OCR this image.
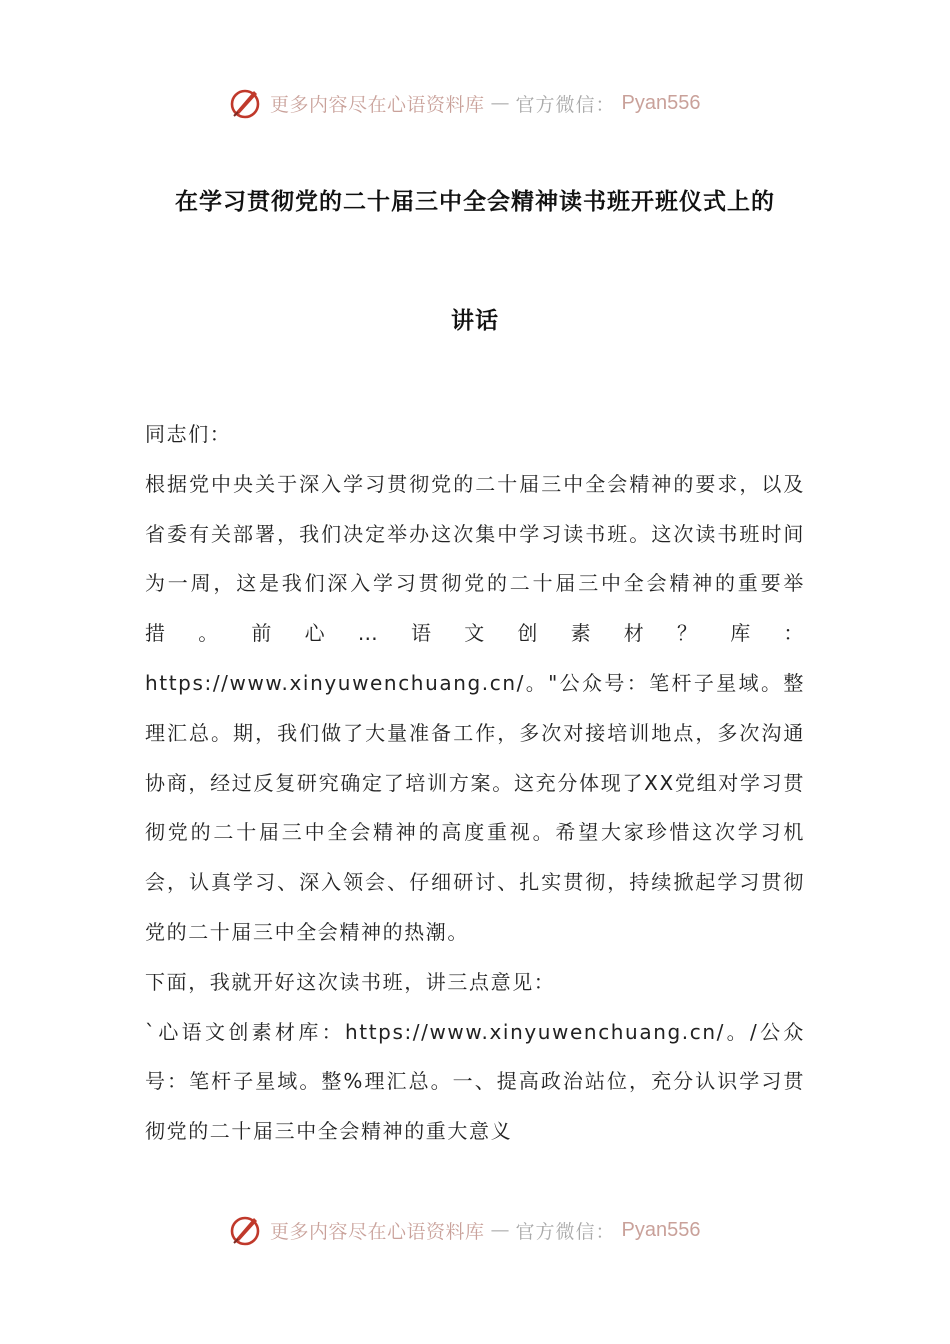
更多内容尽在心语资料库 — 官方微信： Pyan556
在学习贯彻党的二十届三中全会精神读书班开班仪式上的
讲话

同志们：

根据党中央关于深入学习贯彻党的二十届三中全会精神的要求，以及省委有关部署，我们决定举办这次集中学习读书班。这次读书班时间为一周，这是我们深入学习贯彻党的二十届三中全会精神的重要举措。前心…语文创素材？库：https://www.xinyuwenchuang.cn/。"公众号：笔杆子星域。整理汇总。期，我们做了大量准备工作，多次对接培训地点，多次沟通协商，经过反复研究确定了培训方案。这充分体现了XX党组对学习贯彻党的二十届三中全会精神的高度重视。希望大家珍惜这次学习机会，认真学习、深入领会、仔细研讨、扎实贯彻，持续掀起学习贯彻党的二十届三中全会精神的热潮。

下面，我就开好这次读书班，讲三点意见：

`心语文创素材库：https://www.xinyuwenchuang.cn/。/公众号：笔杆子星域。整%理汇总。一、提高政治站位，充分认识学习贯彻党的二十届三中全会精神的重大意义

更多内容尽在心语资料库 — 官方微信： Pyan556
